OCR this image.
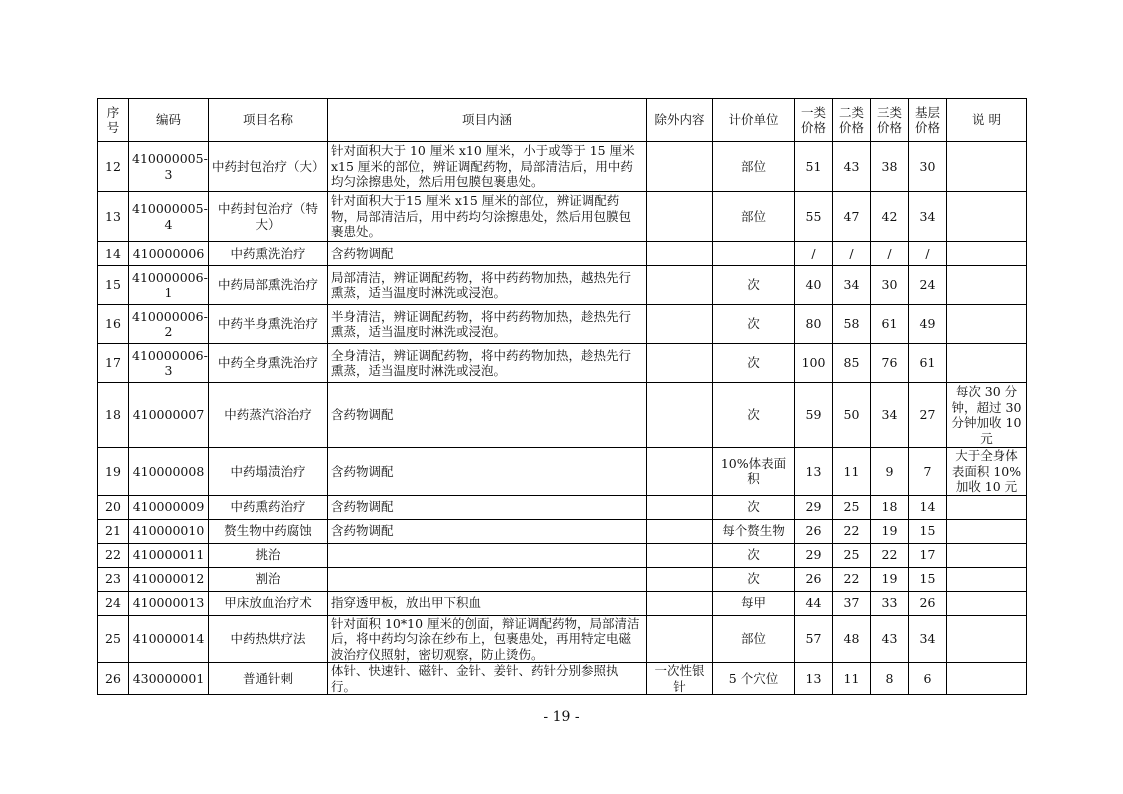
序号	编码	项目名称	项目内涵	除外内容	计价单位	一类价格	二类价格	三类价格	基层价格	说 明
12	410000005-3	中药封包治疗（大）	针对面积大于 10 厘米 x10 厘米，小于或等于 15 厘米x15 厘米的部位，辨证调配药物，局部清洁后，用中药均匀涂擦患处，然后用包膜包裹患处。		部位	51	43	38	30	
13	410000005-4	中药封包治疗（特大）	针对面积大于15 厘米 x15 厘米的部位，辨证调配药物，局部清洁后，用中药均匀涂擦患处，然后用包膜包裹患处。		部位	55	47	42	34	
14	410000006	中药熏洗治疗	含药物调配			/	/	/	/	
15	410000006-1	中药局部熏洗治疗	局部清洁，辨证调配药物，将中药药物加热，越热先行熏蒸，适当温度时淋洗或浸泡。		次	40	34	30	24	
16	410000006-2	中药半身熏洗治疗	半身清洁，辨证调配药物，将中药药物加热，趁热先行熏蒸，适当温度时淋洗或浸泡。		次	80	58	61	49	
17	410000006-3	中药全身熏洗治疗	全身清洁，辨证调配药物，将中药药物加热，趁热先行熏蒸，适当温度时淋洗或浸泡。		次	100	85	76	61	
18	410000007	中药蒸汽浴治疗	含药物调配		次	59	50	34	27	每次 30 分钟，超过 30 分钟加收 10 元
19	410000008	中药塌渍治疗	含药物调配		10%体表面积	13	11	9	7	大于全身体表面积 10%加收 10 元
20	410000009	中药熏药治疗	含药物调配		次	29	25	18	14	
21	410000010	赘生物中药腐蚀	含药物调配		每个赘生物	26	22	19	15	
22	410000011	挑治			次	29	25	22	17	
23	410000012	割治			次	26	22	19	15	
24	410000013	甲床放血治疗术	指穿透甲板，放出甲下积血		每甲	44	37	33	26	
25	410000014	中药热烘疗法	针对面积 10*10 厘米的创面，辩证调配药物，局部清洁后，将中药均匀涂在纱布上，包裹患处，再用特定电磁波治疗仪照射，密切观察，防止烫伤。		部位	57	48	43	34	
26	430000001	普通针刺	体针、快速针、磁针、金针、姜针、药针分别参照执行。	一次性银针	5 个穴位	13	11	8	6	
- 19 -
